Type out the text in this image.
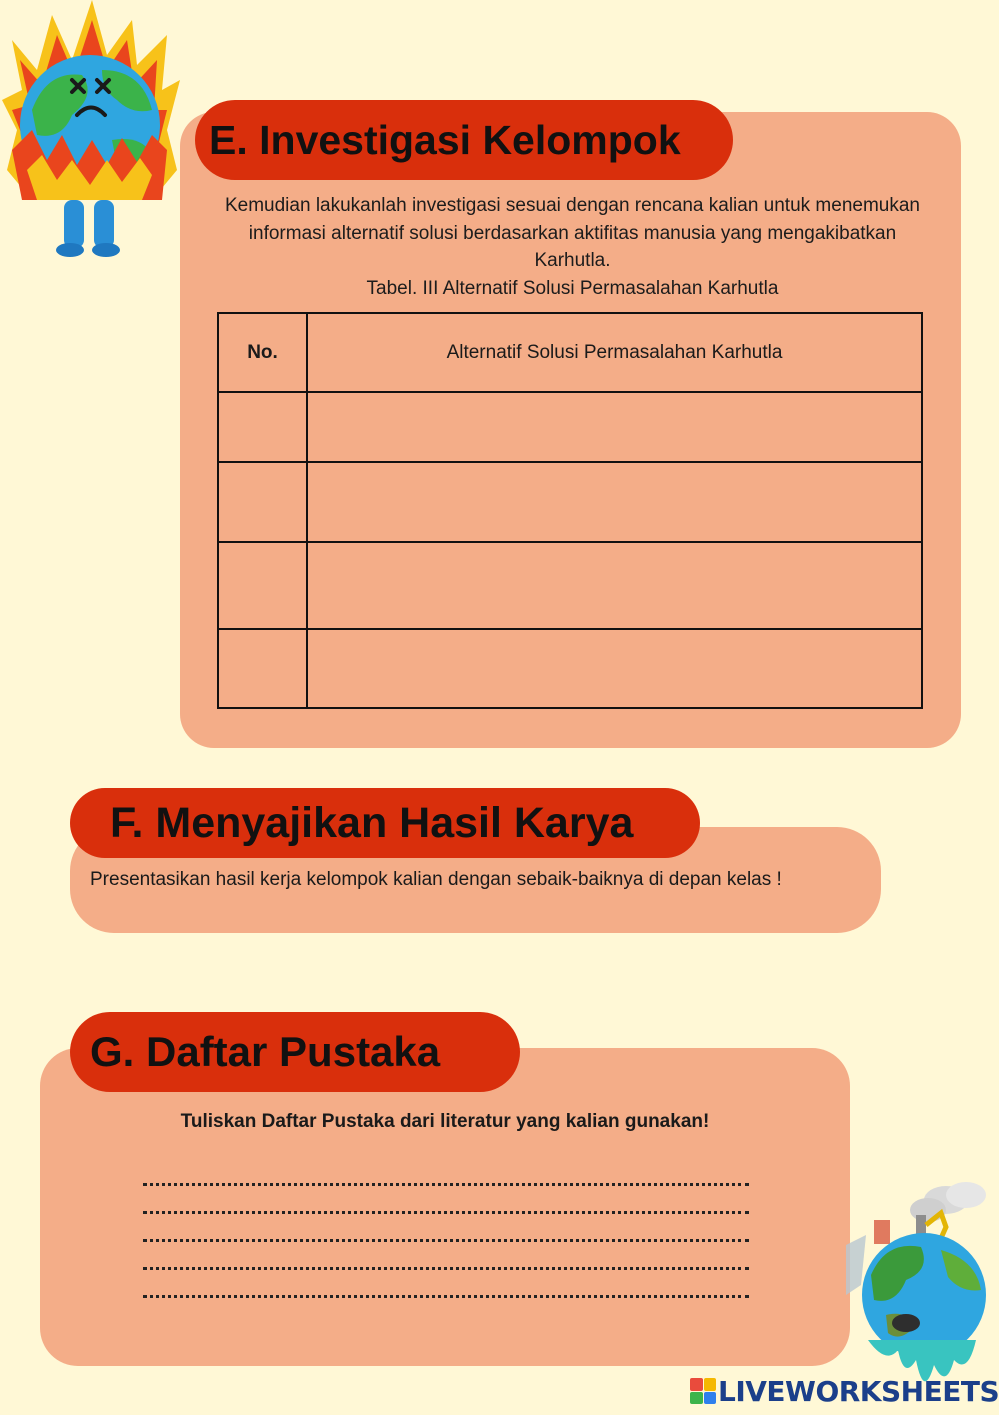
E. Investigasi Kelompok
Kemudian lakukanlah investigasi sesuai dengan rencana kalian untuk menemukan informasi alternatif solusi berdasarkan aktifitas manusia yang mengakibatkan Karhutla.
Tabel. III Alternatif Solusi Permasalahan Karhutla
No.	Alternatif Solusi Permasalahan Karhutla

F. Menyajikan Hasil Karya
Presentasikan hasil kerja kelompok kalian dengan sebaik-baiknya di depan kelas !
G. Daftar Pustaka
Tuliskan Daftar Pustaka dari literatur yang kalian gunakan!
LIVEWORKSHEETS
